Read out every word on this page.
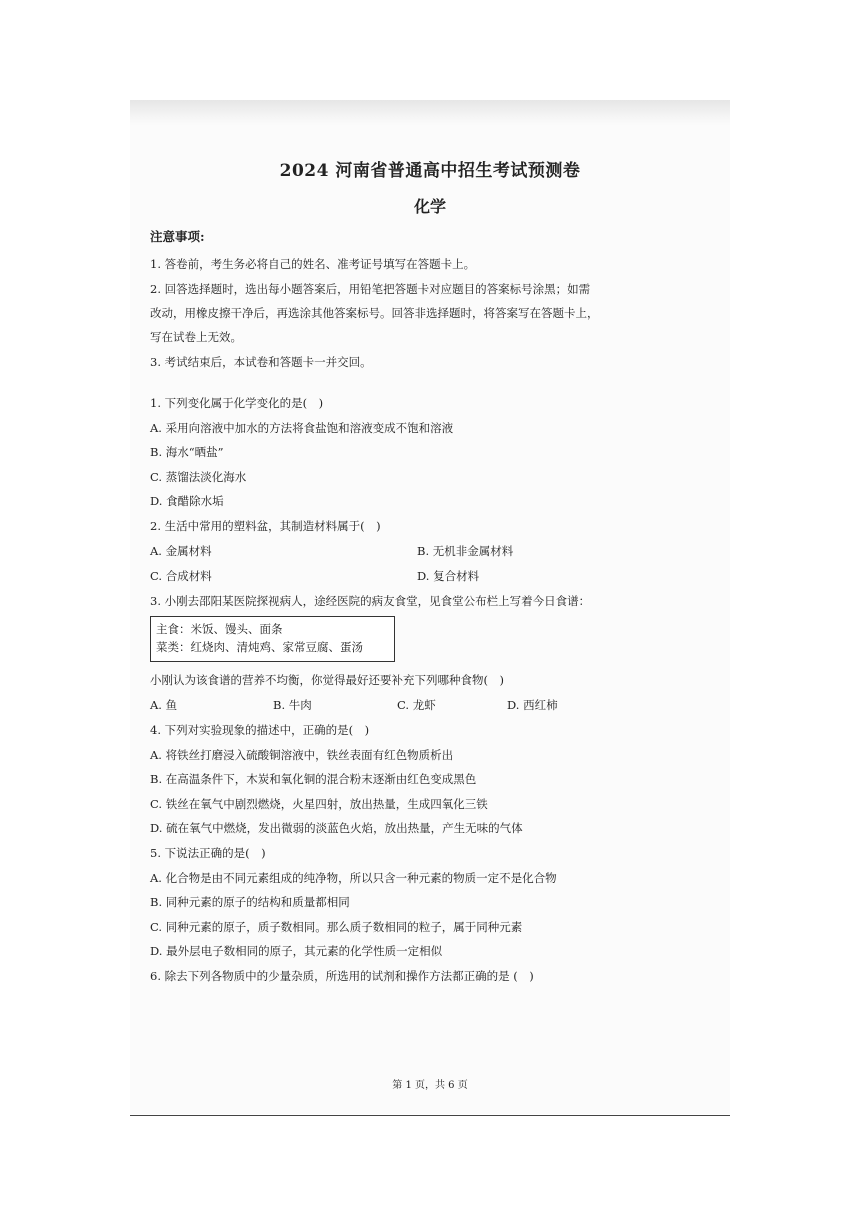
2024 河南省普通高中招生考试预测卷
化学
注意事项:
1. 答卷前，考生务必将自己的姓名、准考证号填写在答题卡上。
2. 回答选择题时，选出每小题答案后，用铅笔把答题卡对应题目的答案标号涂黑；如需
改动，用橡皮擦干净后，再选涂其他答案标号。回答非选择题时，将答案写在答题卡上，
写在试卷上无效。
3. 考试结束后，本试卷和答题卡一并交回。
1. 下列变化属于化学变化的是(　)
A. 采用向溶液中加水的方法将食盐饱和溶液变成不饱和溶液
B. 海水“晒盐”
C. 蒸馏法淡化海水
D. 食醋除水垢
2. 生活中常用的塑料盆，其制造材料属于(　)
A. 金属材料	B. 无机非金属材料
C. 合成材料	D. 复合材料
3. 小刚去邵阳某医院探视病人，途经医院的病友食堂，见食堂公布栏上写着今日食谱：
主食：米饭、馒头、面条
菜类：红烧肉、清炖鸡、家常豆腐、蛋汤
小刚认为该食谱的营养不均衡，你觉得最好还要补充下列哪种食物(　)
A. 鱼	B. 牛肉	C. 龙虾	D. 西红柿
4. 下列对实验现象的描述中，正确的是(　)
A. 将铁丝打磨浸入硫酸铜溶液中，铁丝表面有红色物质析出
B. 在高温条件下，木炭和氧化铜的混合粉末逐渐由红色变成黑色
C. 铁丝在氧气中剧烈燃烧，火星四射，放出热量，生成四氧化三铁
D. 硫在氧气中燃烧，发出微弱的淡蓝色火焰，放出热量，产生无味的气体
5. 下说法正确的是(　)
A. 化合物是由不同元素组成的纯净物，所以只含一种元素的物质一定不是化合物
B. 同种元素的原子的结构和质量都相同
C. 同种元素的原子，质子数相同。那么质子数相同的粒子，属于同种元素
D. 最外层电子数相同的原子，其元素的化学性质一定相似
6. 除去下列各物质中的少量杂质，所选用的试剂和操作方法都正确的是 (　)
第 1 页，共 6 页
